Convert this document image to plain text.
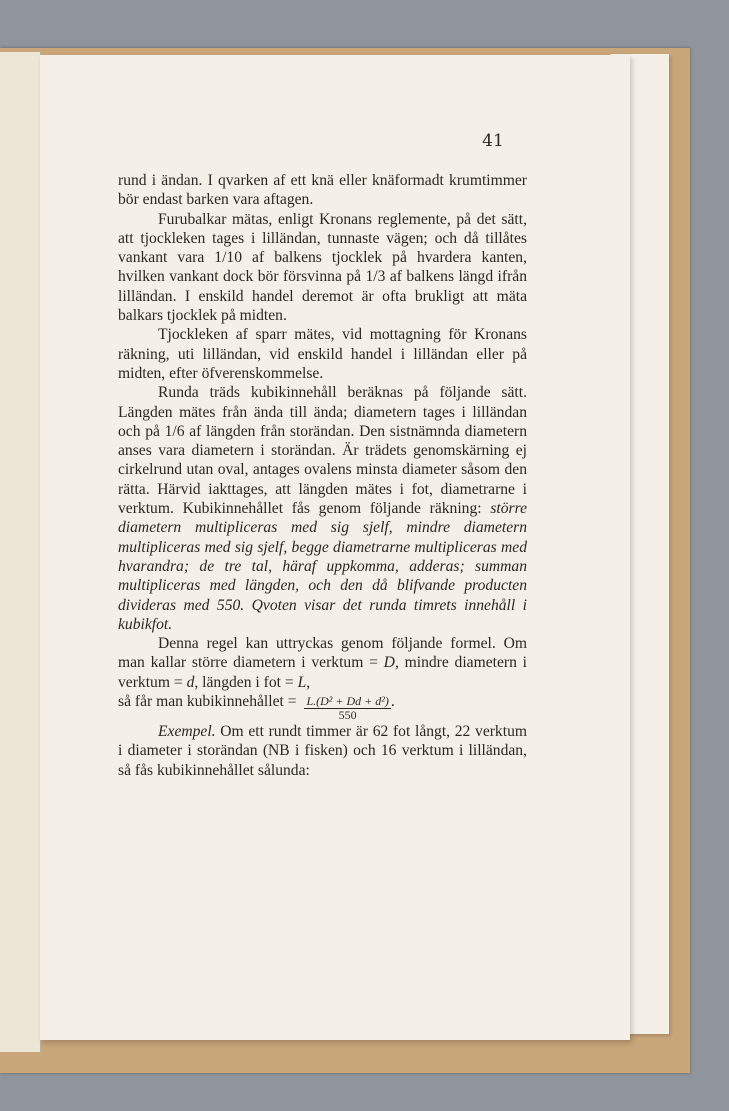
41

rund i ändan. I qvarken af ett knä eller knäformadt krumtimmer bör endast barken vara aftagen.

Furubalkar mätas, enligt Kronans reglemente, på det sätt, att tjockleken tages i lilländan, tunnaste vägen; och då tillåtes vankant vara 1/10 af balkens tjocklek på hvardera kanten, hvilken vankant dock bör försvinna på 1/3 af balkens längd ifrån lilländan. I enskild handel deremot är ofta brukligt att mäta balkars tjocklek på midten.

Tjockleken af sparr mätes, vid mottagning för Kronans räkning, uti lilländan, vid enskild handel i lilländan eller på midten, efter öfverenskommelse.

Runda träds kubikinnehåll beräknas på följande sätt. Längden mätes från ända till ända; diametern tages i lilländan och på 1/6 af längden från storändan. Den sistnämnda diametern anses vara diametern i storändan. Är trädets genomskärning ej cirkelrund utan oval, antages ovalens minsta diameter såsom den rätta. Härvid iakttages, att längden mätes i fot, diametrarne i verktum. Kubikinnehållet fås genom följande räkning: större diametern multipliceras med sig sjelf, mindre diametern multipliceras med sig sjelf, begge diametrarne multipliceras med hvarandra; de tre tal, häraf uppkomma, adderas; summan multipliceras med längden, och den då blifvande producten divideras med 550. Qvoten visar det runda timrets innehåll i kubikfot.

Denna regel kan uttryckas genom följande formel. Om man kallar större diametern i verktum = D, mindre diametern i verktum = d, längden i fot = L,

så får man kubikinnehållet = $\frac{\text{L.(D² + Dd + d²)}}{550}$ .

Exempel. Om ett rundt timmer är 62 fot långt, 22 verktum i diameter i storändan (NB i fisken) och 16 verktum i lilländan, så fås kubikinnehållet sålunda:
